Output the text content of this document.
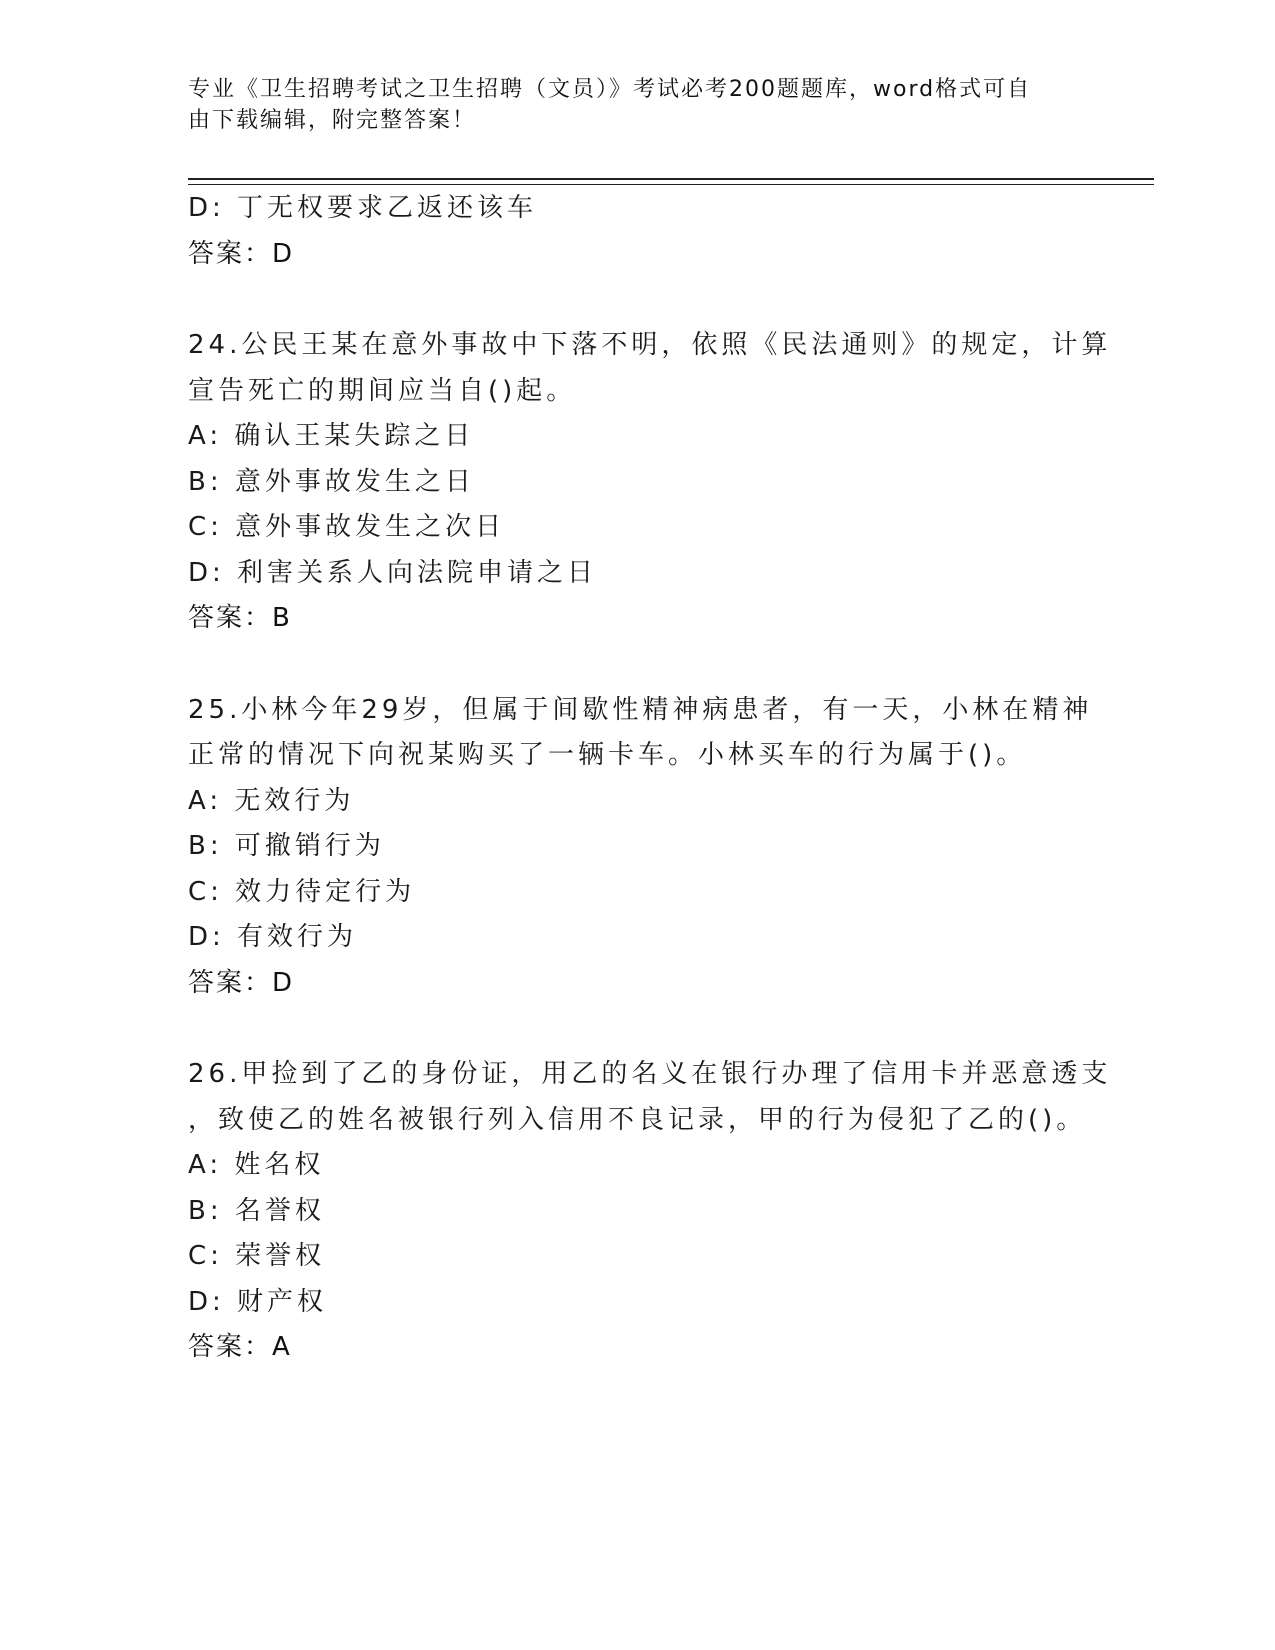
专业《卫生招聘考试之卫生招聘（文员）》考试必考200题题库，word格式可自
由下载编辑，附完整答案！
D: 丁无权要求乙返还该车
答案：D
24.公民王某在意外事故中下落不明，依照《民法通则》的规定，计算
宣告死亡的期间应当自()起。
A: 确认王某失踪之日
B: 意外事故发生之日
C: 意外事故发生之次日
D: 利害关系人向法院申请之日
答案：B
25.小林今年29岁，但属于间歇性精神病患者，有一天，小林在精神
正常的情况下向祝某购买了一辆卡车。小林买车的行为属于()。
A: 无效行为
B: 可撤销行为
C: 效力待定行为
D: 有效行为
答案：D
26.甲捡到了乙的身份证，用乙的名义在银行办理了信用卡并恶意透支
，致使乙的姓名被银行列入信用不良记录，甲的行为侵犯了乙的()。
A: 姓名权
B: 名誉权
C: 荣誉权
D: 财产权
答案：A
